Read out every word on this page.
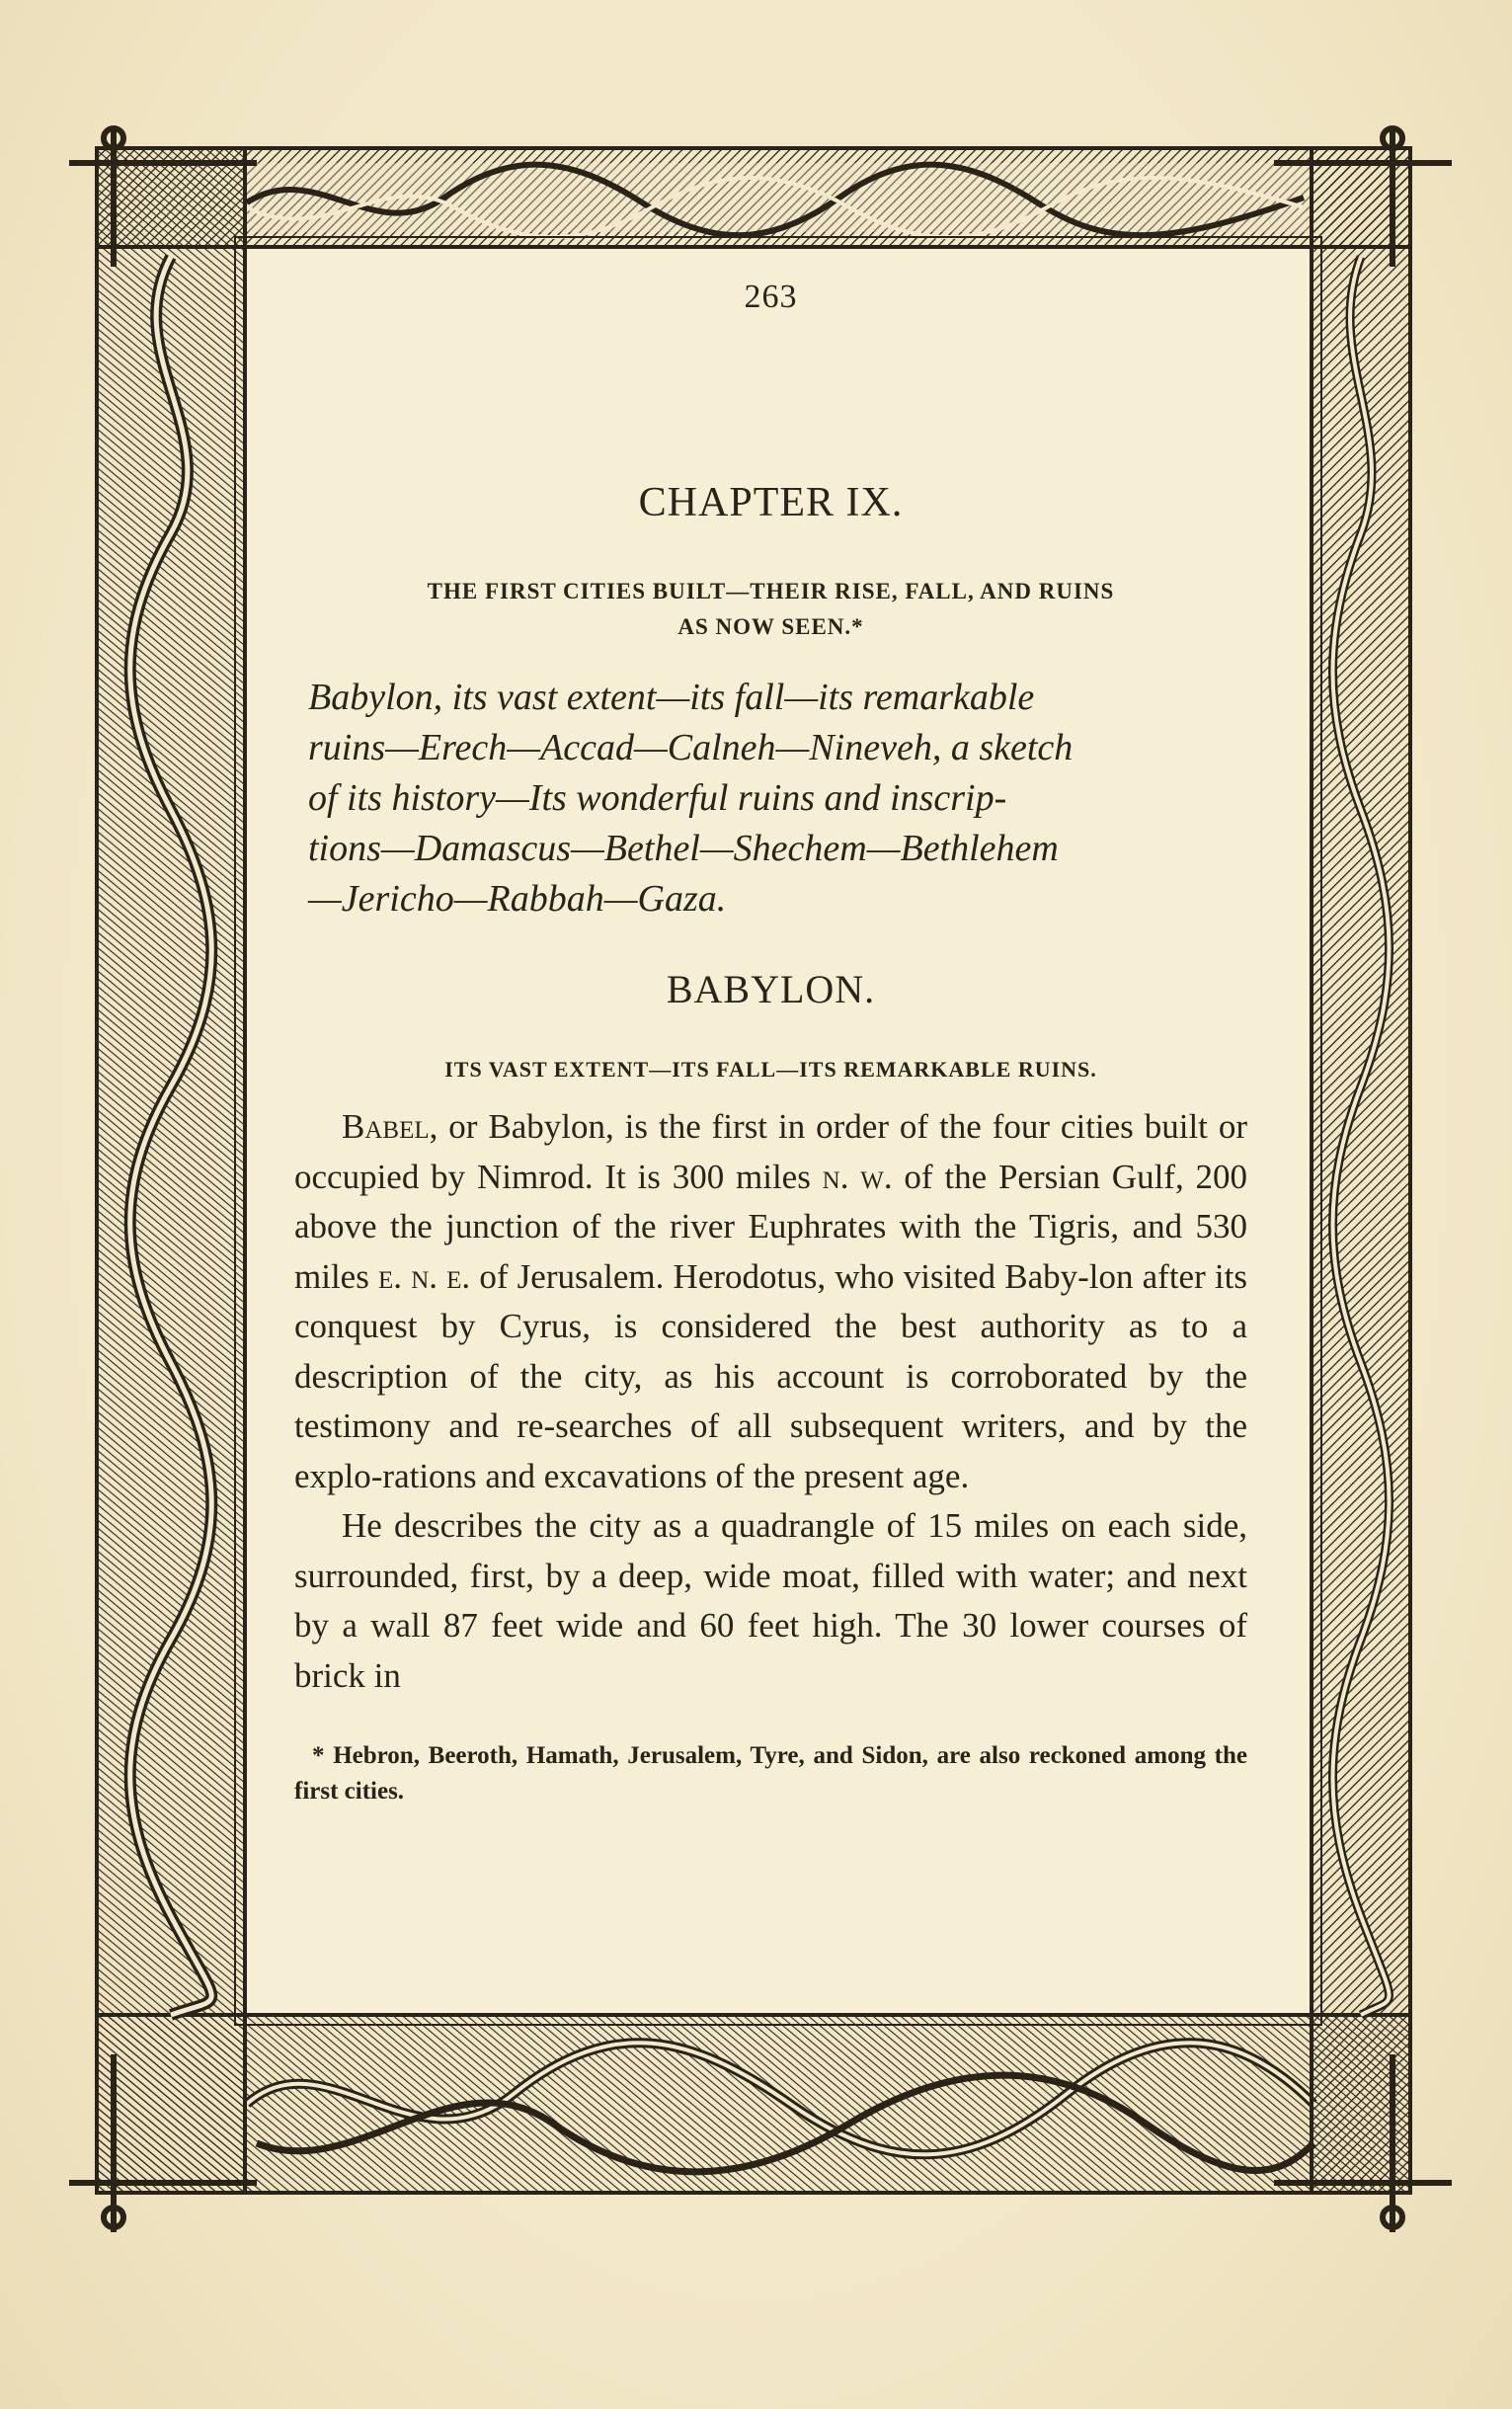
263
CHAPTER IX.
THE FIRST CITIES BUILT—THEIR RISE, FALL, AND RUINS
AS NOW SEEN.*
Babylon, its vast extent—its fall—its remarkable
ruins—Erech—Accad—Calneh—Nineveh, a sketch
of its history—Its wonderful ruins and inscrip-
tions—Damascus—Bethel—Shechem—Bethlehem
—Jericho—Rabbah—Gaza.
BABYLON.
ITS VAST EXTENT—ITS FALL—ITS REMARKABLE RUINS.

Babel, or Babylon, is the first in order of the four cities built or occupied by Nimrod. It is 300 miles n. w. of the Persian Gulf, 200 above the junction of the river Euphrates with the Tigris, and 530 miles e. n. e. of Jerusalem. Herodotus, who visited Baby-lon after its conquest by Cyrus, is considered the best authority as to a description of the city, as his account is corroborated by the testimony and re-searches of all subsequent writers, and by the explo-rations and excavations of the present age.

He describes the city as a quadrangle of 15 miles on each side, surrounded, first, by a deep, wide moat, filled with water; and next by a wall 87 feet wide and 60 feet high. The 30 lower courses of brick in

* Hebron, Beeroth, Hamath, Jerusalem, Tyre, and Sidon, are also reckoned among the first cities.
